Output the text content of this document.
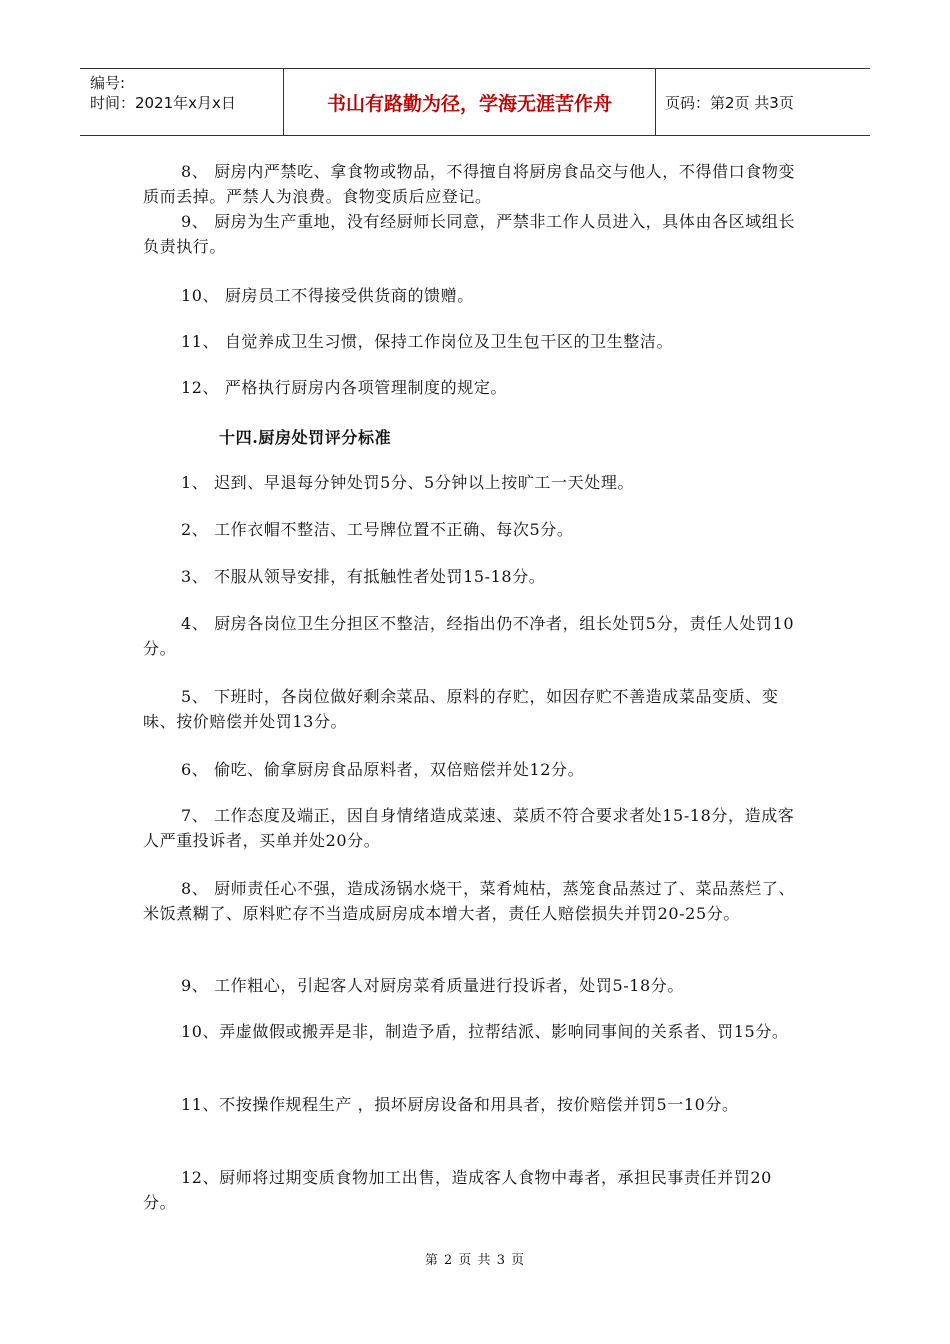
编号:
时间：2021年x月x日	书山有路勤为径，学海无涯苦作舟	页码：第2页 共3页

8、 厨房内严禁吃、拿食物或物品，不得擅自将厨房食品交与他人，不得借口食物变质而丢掉。严禁人为浪费。食物变质后应登记。

9、 厨房为生产重地，没有经厨师长同意，严禁非工作人员进入，具体由各区域组长负责执行。

10、 厨房员工不得接受供货商的馈赠。

11、 自觉养成卫生习惯，保持工作岗位及卫生包干区的卫生整洁。

12、 严格执行厨房内各项管理制度的规定。

十四.厨房处罚评分标准

1、 迟到、早退每分钟处罚5分、5分钟以上按旷工一天处理。

2、 工作衣帽不整洁、工号牌位置不正确、每次5分。

3、 不服从领导安排，有抵触性者处罚15-18分。

4、 厨房各岗位卫生分担区不整洁，经指出仍不净者，组长处罚5分，责任人处罚10分。

5、 下班时，各岗位做好剩余菜品、原料的存贮，如因存贮不善造成菜品变质、变味、按价赔偿并处罚13分。

6、 偷吃、偷拿厨房食品原料者，双倍赔偿并处12分。

7、 工作态度及端正，因自身情绪造成菜速、菜质不符合要求者处15-18分，造成客人严重投诉者，买单并处20分。

8、 厨师责任心不强，造成汤锅水烧干，菜肴炖枯，蒸笼食品蒸过了、菜品蒸烂了、米饭煮糊了、原料贮存不当造成厨房成本增大者，责任人赔偿损失并罚20-25分。

9、 工作粗心，引起客人对厨房菜肴质量进行投诉者，处罚5-18分。

10、弄虚做假或搬弄是非，制造予盾，拉帮结派、影响同事间的关系者、罚15分。

11、不按操作规程生产 ，损坏厨房设备和用具者，按价赔偿并罚5一10分。

12、厨师将过期变质食物加工出售，造成客人食物中毒者，承担民事责任并罚20分。

第 2 页 共 3 页
